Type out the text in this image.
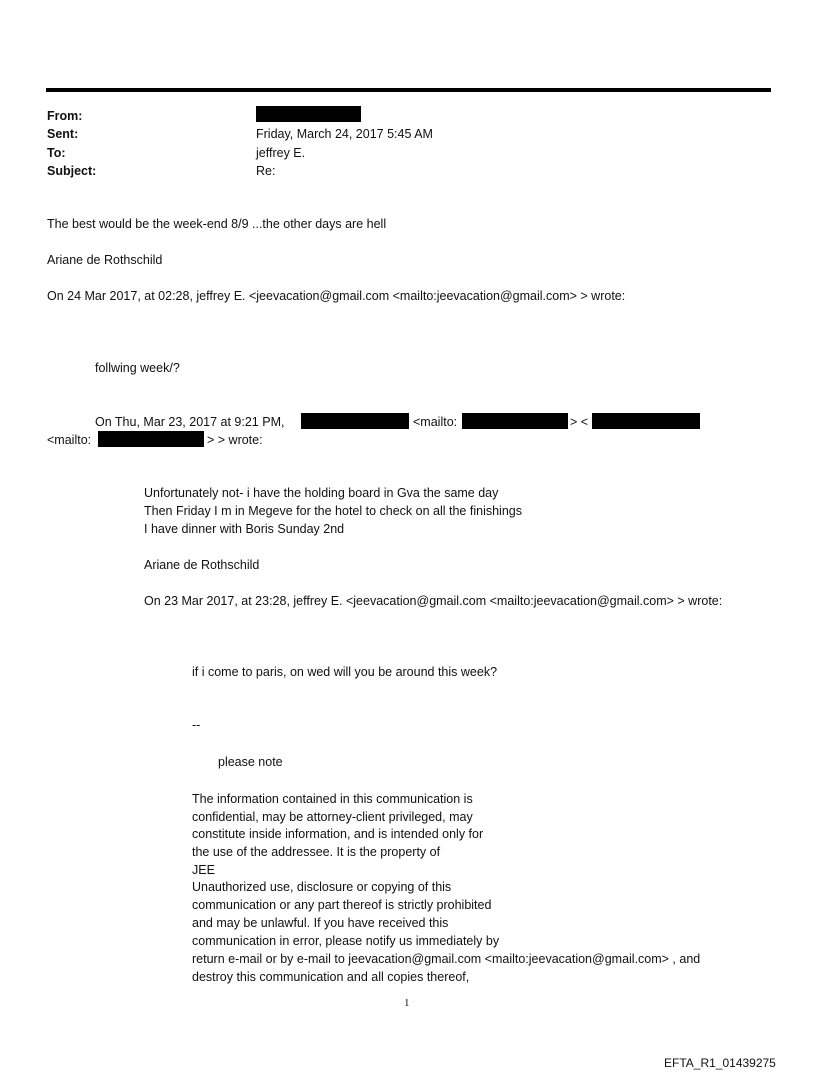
From:
Sent:	Friday, March 24, 2017 5:45 AM
To:	jeffrey E.
Subject:	Re:
The best would be the week-end 8/9 ...the other days are hell
Ariane de Rothschild
On 24 Mar 2017, at 02:28, jeffrey E. <jeevacation@gmail.com <mailto:jeevacation@gmail.com> > wrote:
follwing week/?
On Thu, Mar 23, 2017 at 9:21 PM,	<mailto:	> <
<mailto:	> > wrote:
Unfortunately not- i have the holding board in Gva the same day
Then Friday I m in Megeve for the hotel to check on all the finishings
I have dinner with Boris Sunday 2nd
Ariane de Rothschild
On 23 Mar 2017, at 23:28, jeffrey E. <jeevacation@gmail.com <mailto:jeevacation@gmail.com> > wrote:
if i come to paris, on wed will you be around this week?
--
please note
The information contained in this communication is
confidential, may be attorney-client privileged, may
constitute inside information, and is intended only for
the use of the addressee. It is the property of
JEE
Unauthorized use, disclosure or copying of this
communication or any part thereof is strictly prohibited
and may be unlawful. If you have received this
communication in error, please notify us immediately by
return e-mail or by e-mail to jeevacation@gmail.com <mailto:jeevacation@gmail.com> , and
destroy this communication and all copies thereof,
1
EFTA_R1_01439275
